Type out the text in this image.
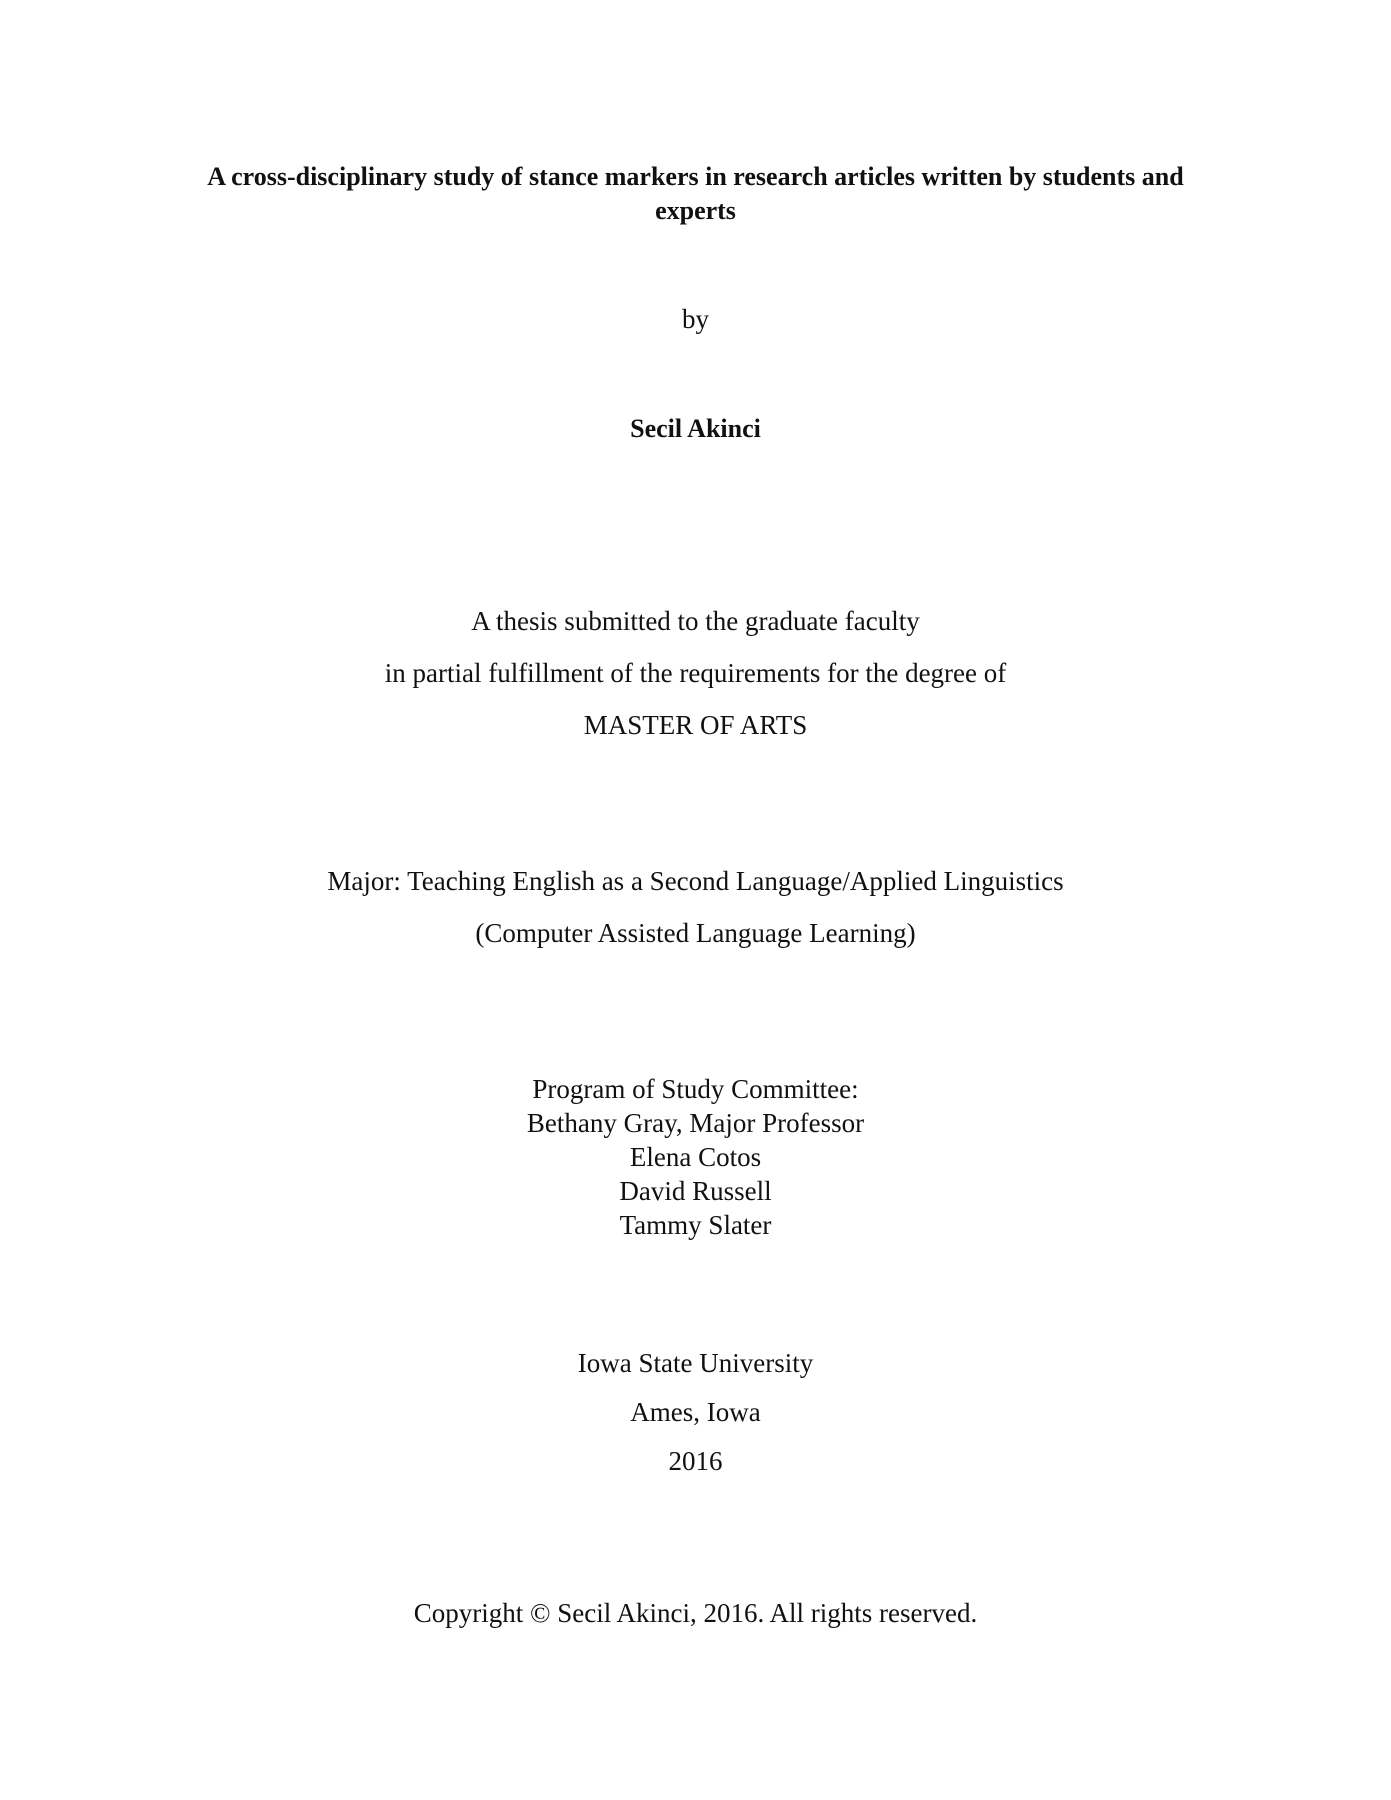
A cross-disciplinary study of stance markers in research articles written by students and experts
by
Secil Akinci
A thesis submitted to the graduate faculty
in partial fulfillment of the requirements for the degree of
MASTER OF ARTS
Major: Teaching English as a Second Language/Applied Linguistics
(Computer Assisted Language Learning)
Program of Study Committee:
Bethany Gray, Major Professor
Elena Cotos
David Russell
Tammy Slater
Iowa State University
Ames, Iowa
2016
Copyright © Secil Akinci, 2016. All rights reserved.
